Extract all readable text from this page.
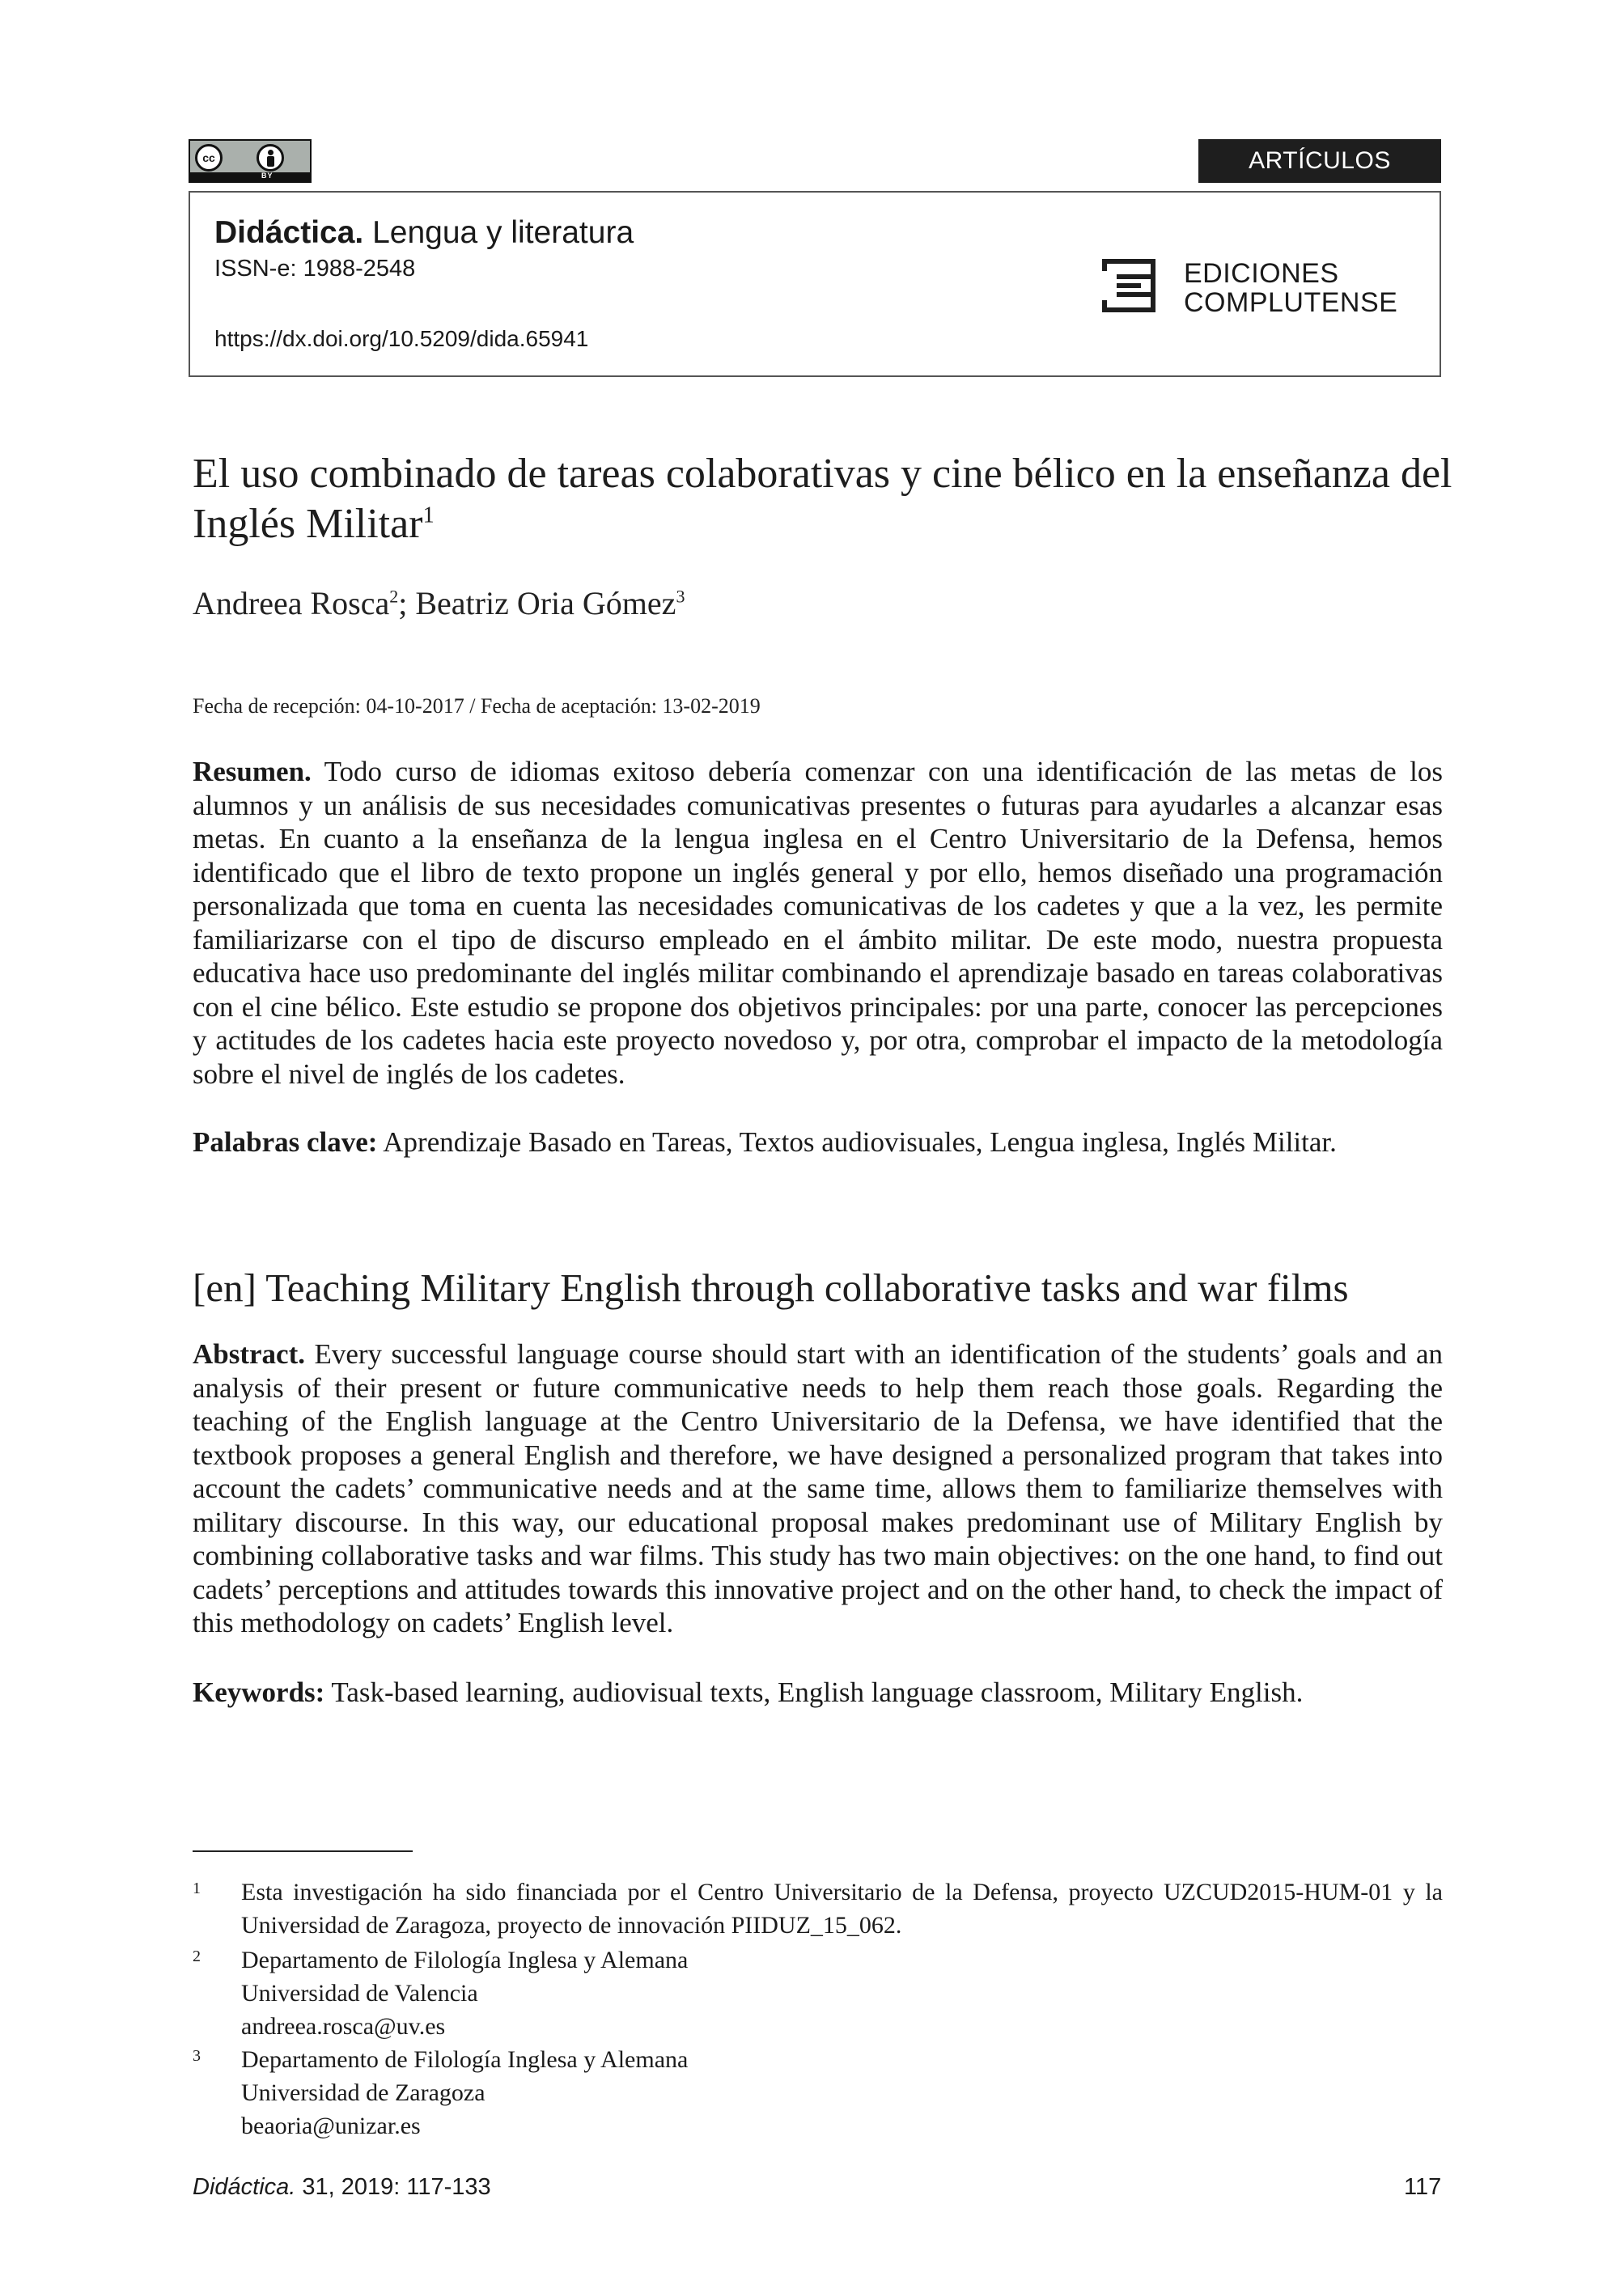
cc
BY
ARTÍCULOS
Didáctica. Lengua y literatura
ISSN-e: 1988-2548
https://dx.doi.org/10.5209/dida.65941
EDICIONES
COMPLUTENSE
El uso combinado de tareas colaborativas y cine bélico en la enseñanza del Inglés Militar$^1$
Andreea Rosca$^2$; Beatriz Oria Gómez$^3$
Fecha de recepción: 04-10-2017 / Fecha de aceptación: 13-02-2019
Resumen. Todo curso de idiomas exitoso debería comenzar con una identificación de las metas de los alumnos y un análisis de sus necesidades comunicativas presentes o futuras para ayudarles a alcanzar esas metas. En cuanto a la enseñanza de la lengua inglesa en el Centro Universitario de la Defensa, hemos identificado que el libro de texto propone un inglés general y por ello, hemos diseñado una programación personalizada que toma en cuenta las necesidades comunicativas de los cadetes y que a la vez, les permite familiarizarse con el tipo de discurso empleado en el ámbito militar. De este modo, nuestra propuesta educativa hace uso predominante del inglés militar combinando el aprendizaje basado en tareas colaborativas con el cine bélico. Este estudio se propone dos objetivos principales: por una parte, conocer las percepciones y actitudes de los cadetes hacia este proyecto novedoso y, por otra, comprobar el impacto de la metodología sobre el nivel de inglés de los cadetes.
Palabras clave: Aprendizaje Basado en Tareas, Textos audiovisuales, Lengua inglesa, Inglés Militar.
[en] Teaching Military English through collaborative tasks and war films
Abstract. Every successful language course should start with an identification of the students’ goals and an analysis of their present or future communicative needs to help them reach those goals. Regarding the teaching of the English language at the Centro Universitario de la Defensa, we have identified that the textbook proposes a general English and therefore, we have designed a personalized program that takes into account the cadets’ communicative needs and at the same time, allows them to familiarize themselves with military discourse. In this way, our educational proposal makes predominant use of Military English by combining collaborative tasks and war films. This study has two main objectives: on the one hand, to find out cadets’ perceptions and attitudes towards this innovative project and on the other hand, to check the impact of this methodology on cadets’ English level.
Keywords: Task-based learning, audiovisual texts, English language classroom, Military English.
1 Esta investigación ha sido financiada por el Centro Universitario de la Defensa, proyecto UZCUD2015-HUM-01 y la Universidad de Zaragoza, proyecto de innovación PIIDUZ_15_062.
2 Departamento de Filología Inglesa y Alemana
Universidad de Valencia
andreea.rosca@uv.es
3 Departamento de Filología Inglesa y Alemana
Universidad de Zaragoza
beaoria@unizar.es
Didáctica. 31, 2019: 117-133	117
